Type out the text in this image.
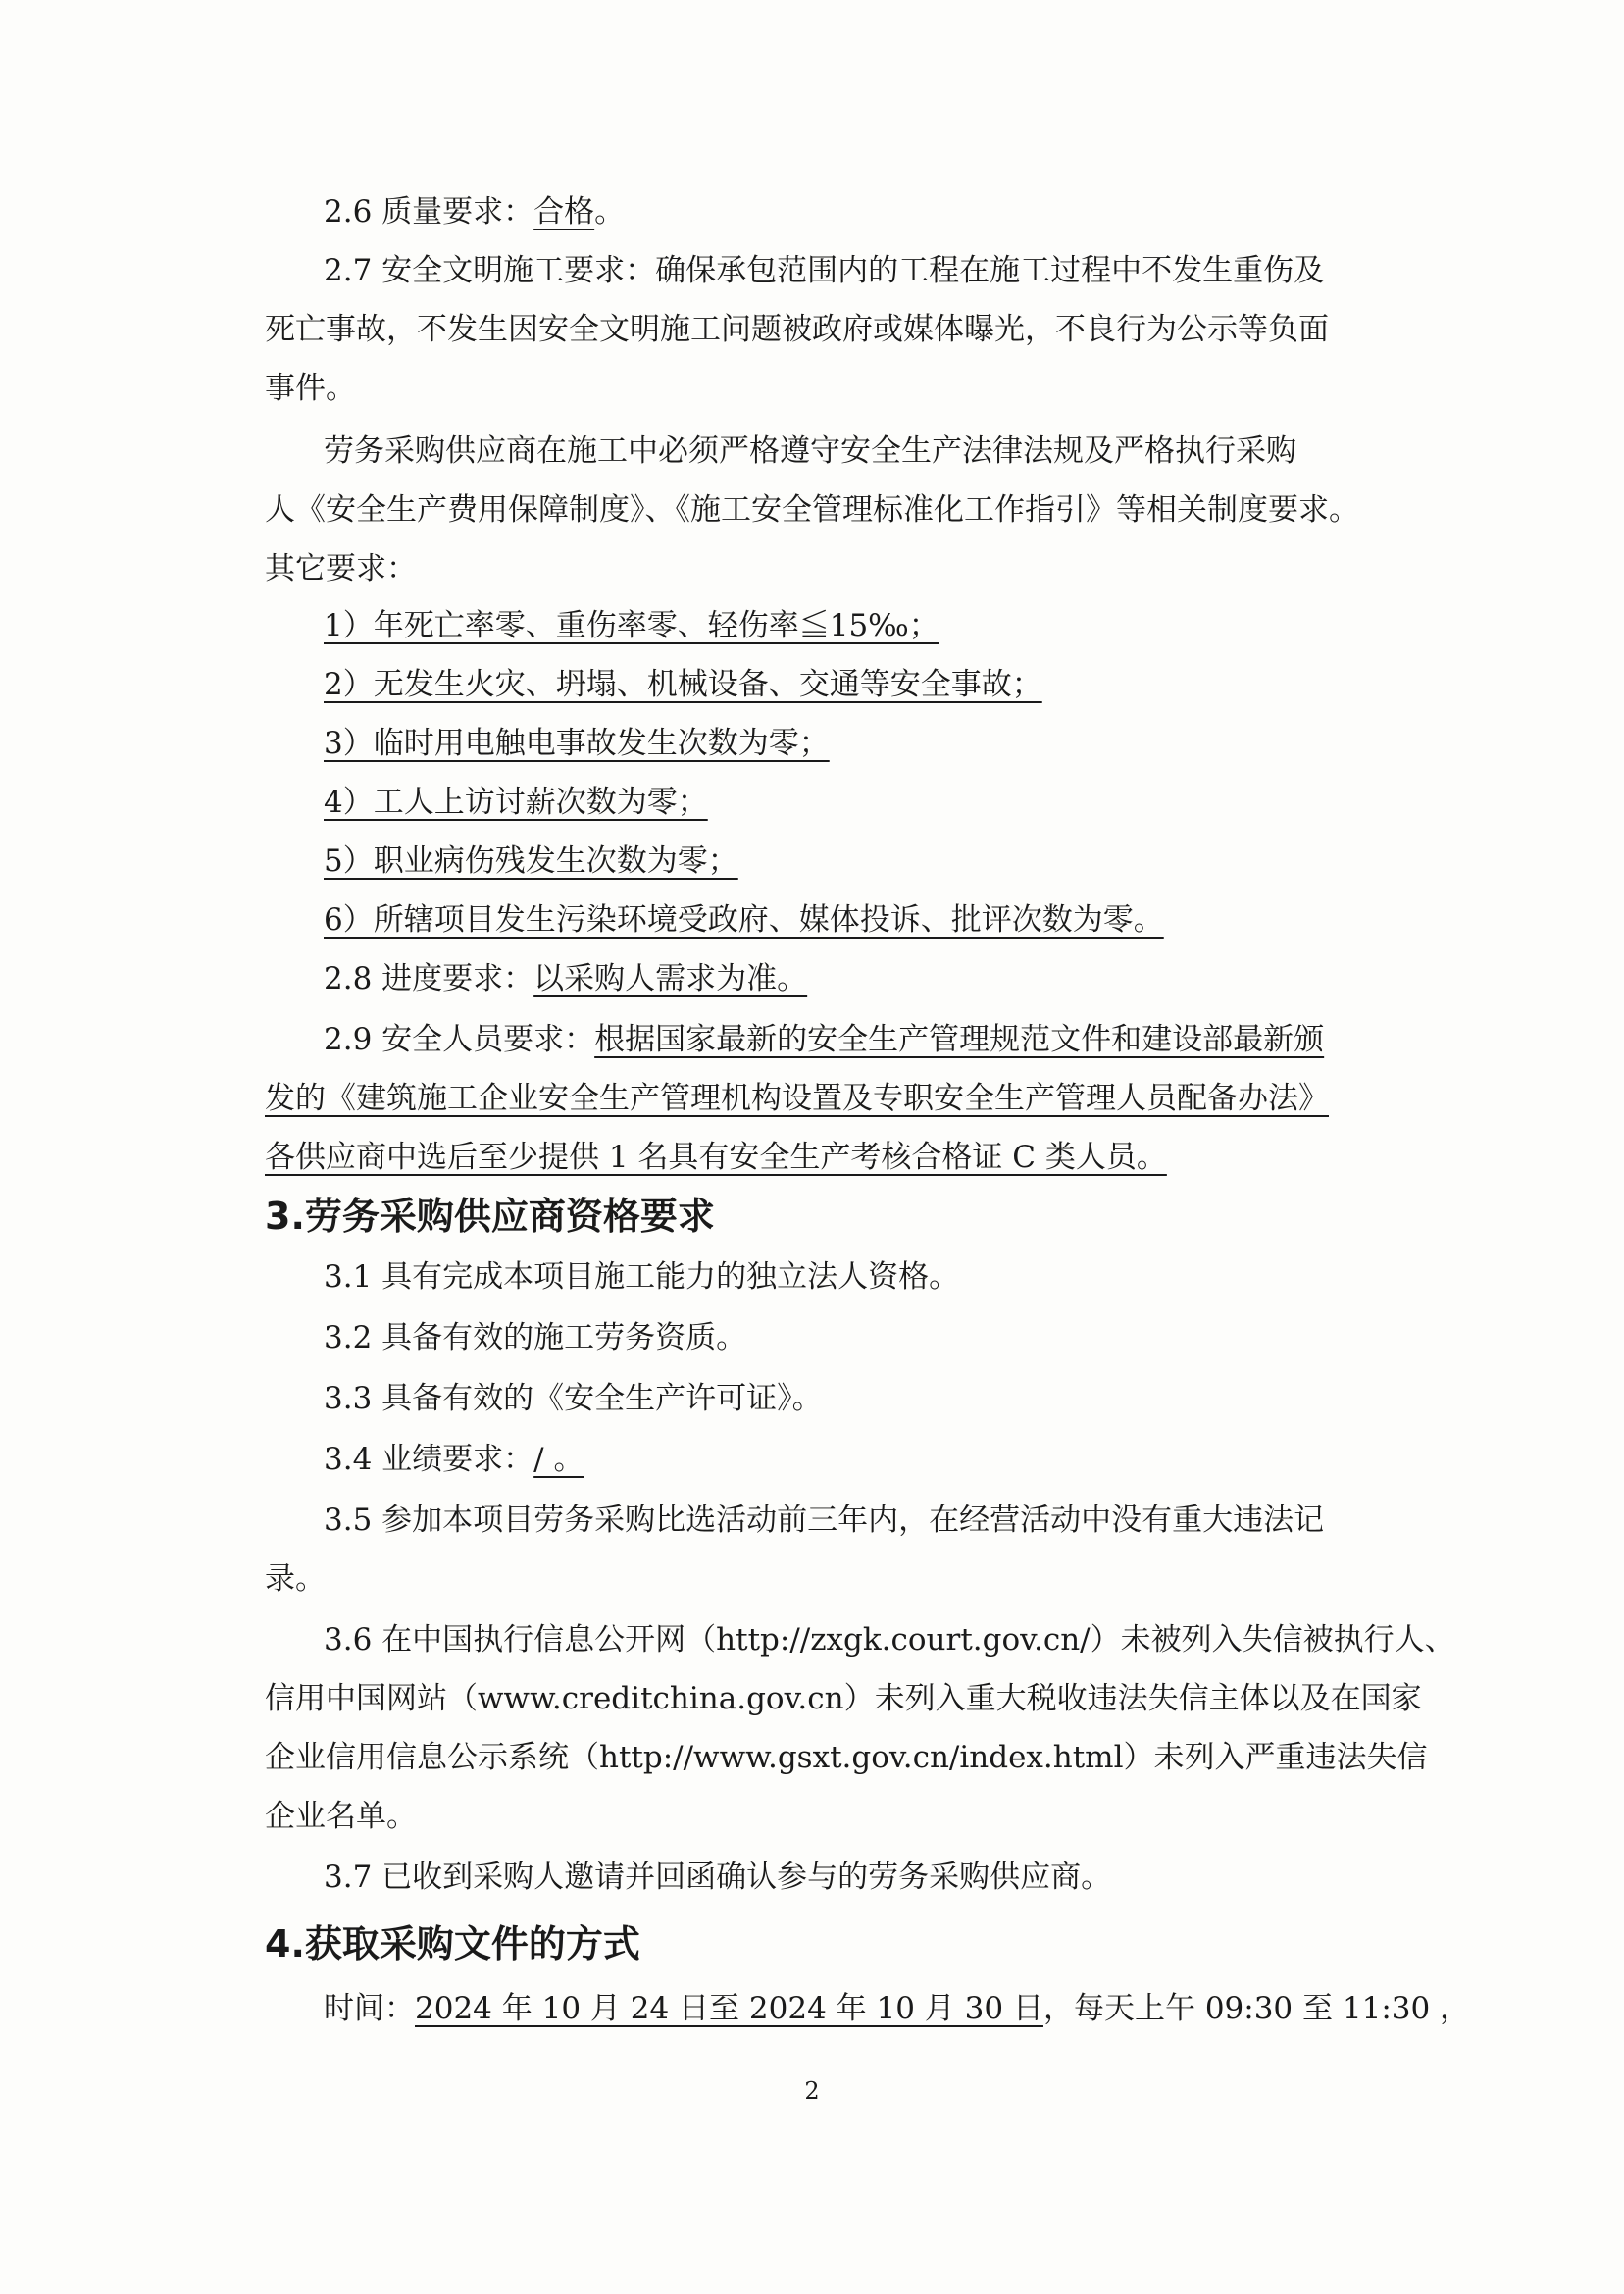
2.6 质量要求：合格。
2.7 安全文明施工要求：确保承包范围内的工程在施工过程中不发生重伤及
死亡事故，不发生因安全文明施工问题被政府或媒体曝光，不良行为公示等负面
事件。
劳务采购供应商在施工中必须严格遵守安全生产法律法规及严格执行采购
人《安全生产费用保障制度》、《施工安全管理标准化工作指引》等相关制度要求。
其它要求：
1）年死亡率零、重伤率零、轻伤率≦15‰；
2）无发生火灾、坍塌、机械设备、交通等安全事故；
3）临时用电触电事故发生次数为零；
4）工人上访讨薪次数为零；
5）职业病伤残发生次数为零；
6）所辖项目发生污染环境受政府、媒体投诉、批评次数为零。
2.8 进度要求：以采购人需求为准。
2.9 安全人员要求：根据国家最新的安全生产管理规范文件和建设部最新颁
发的《建筑施工企业安全生产管理机构设置及专职安全生产管理人员配备办法》
各供应商中选后至少提供 1 名具有安全生产考核合格证 C 类人员。
3.劳务采购供应商资格要求
3.1 具有完成本项目施工能力的独立法人资格。
3.2 具备有效的施工劳务资质。
3.3 具备有效的《安全生产许可证》。
3.4 业绩要求：/ 。
3.5 参加本项目劳务采购比选活动前三年内，在经营活动中没有重大违法记
录。
3.6 在中国执行信息公开网（http://zxgk.court.gov.cn/）未被列入失信被执行人、
信用中国网站（www.creditchina.gov.cn）未列入重大税收违法失信主体以及在国家
企业信用信息公示系统（http://www.gsxt.gov.cn/index.html）未列入严重违法失信
企业名单。
3.7 已收到采购人邀请并回函确认参与的劳务采购供应商。
4.获取采购文件的方式
时间：2024 年 10 月 24 日至 2024 年 10 月 30 日，每天上午 09:30 至 11:30 ，
2
